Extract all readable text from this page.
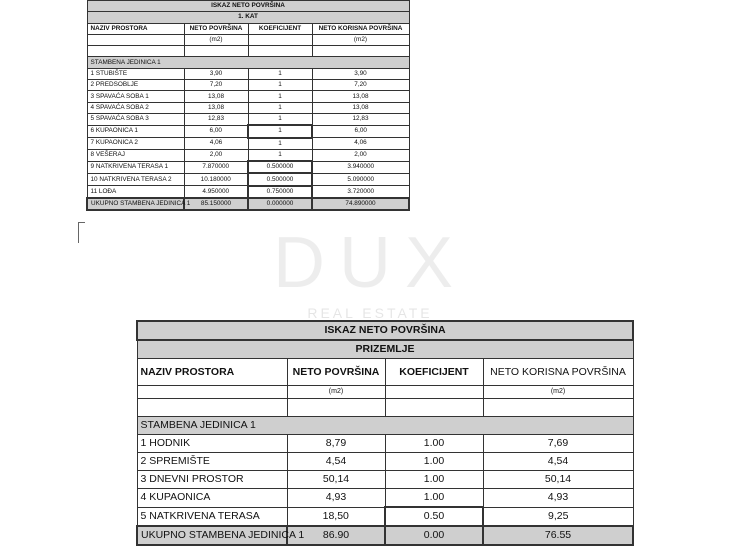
DUX
REAL ESTATE
ISKAZ NETO POVRŠINA			
1. KAT			
NAZIV PROSTORA	NETO POVRŠINA	KOEFICIJENT	NETO KORISNA POVRŠINA
	(m2)		(m2)

STAMBENA JEDINICA 1			
1 STUBIŠTE	3,90	1	3,90
2 PREDSOBLJE	7,20	1	7,20
3 SPAVAĆA SOBA 1	13,08	1	13,08
4 SPAVAĆA SOBA 2	13,08	1	13,08
5 SPAVAĆA SOBA 3	12,83	1	12,83
6 KUPAONICA 1	6,00	1	6,00
7 KUPAONICA 2	4,06	1	4,06
8 VEŠERAJ	2,00	1	2,00
9 NATKRIVENA TERASA 1	7.870000	0.500000	3.940000
10 NATKRIVENA TERASA 2	10.180000	0.500000	5.090000
11 LOĐA	4.950000	0.750000	3.720000
UKUPNO STAMBENA JEDINICA 1	85.150000	0.000000	74.890000
ISKAZ NETO POVRŠINA			
PRIZEMLJE			
NAZIV PROSTORA	NETO POVRŠINA	KOEFICIJENT	NETO KORISNA POVRŠINA
	(m2)		(m2)

STAMBENA JEDINICA 1			
1 HODNIK	8,79	1.00	7,69
2 SPREMIŠTE	4,54	1.00	4,54
3 DNEVNI PROSTOR	50,14	1.00	50,14
4 KUPAONICA	4,93	1.00	4,93
5 NATKRIVENA TERASA	18,50	0.50	9,25
UKUPNO STAMBENA JEDINICA 1	86.90	0.00	76.55
